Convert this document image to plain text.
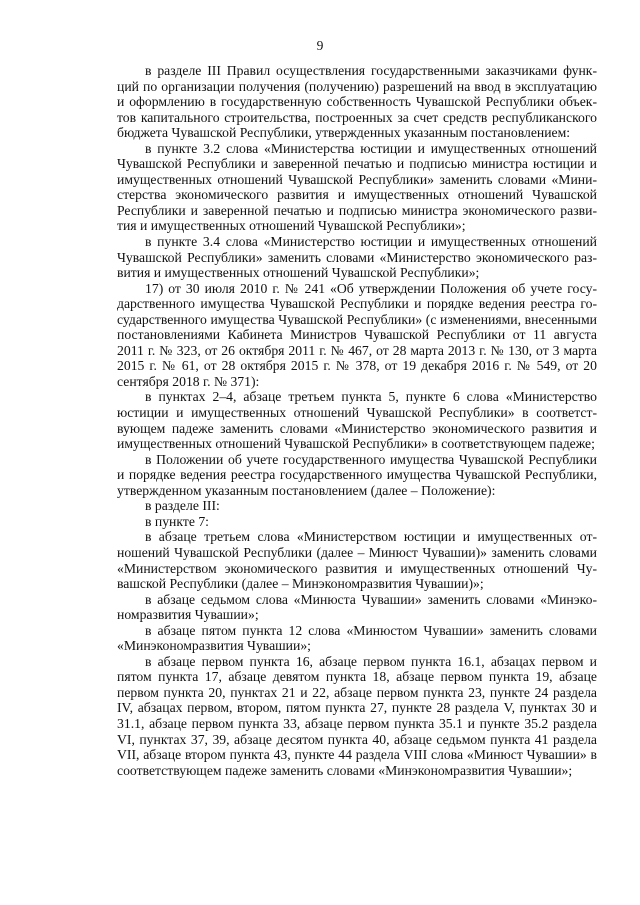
9

в разделе III Правил осуществления государственными заказчиками функций по организации получения (получению) разрешений на ввод в эксплуатацию и оформлению в государственную собственность Чувашской Республики объектов капитального строительства, построенных за счет средств республиканского бюджета Чувашской Республики, утвержденных указанным постановлением:

в пункте 3.2 слова «Министерства юстиции и имущественных отношений Чувашской Республики и заверенной печатью и подписью министра юстиции и имущественных отношений Чувашской Республики» заменить словами «Министерства экономического развития и имущественных отношений Чувашской Республики и заверенной печатью и подписью министра экономического развития и имущественных отношений Чувашской Республики»;

в пункте 3.4 слова «Министерство юстиции и имущественных отношений Чувашской Республики» заменить словами «Министерство экономического развития и имущественных отношений Чувашской Республики»;

17) от 30 июля 2010 г. № 241 «Об утверждении Положения об учете государственного имущества Чувашской Республики и порядке ведения реестра государственного имущества Чувашской Республики» (с изменениями, внесенными постановлениями Кабинета Министров Чувашской Республики от 11 августа 2011 г. № 323, от 26 октября 2011 г. № 467, от 28 марта 2013 г. № 130, от 3 марта 2015 г. № 61, от 28 октября 2015 г. № 378, от 19 декабря 2016 г. № 549, от 20 сентября 2018 г. № 371):

в пунктах 2–4, абзаце третьем пункта 5, пункте 6 слова «Министерство юстиции и имущественных отношений Чувашской Республики» в соответствующем падеже заменить словами «Министерство экономического развития и имущественных отношений Чувашской Республики» в соответствующем падеже;

в Положении об учете государственного имущества Чувашской Республики и порядке ведения реестра государственного имущества Чувашской Республики, утвержденном указанным постановлением (далее – Положение):

в разделе III:

в пункте 7:

в абзаце третьем слова «Министерством юстиции и имущественных отношений Чувашской Республики (далее – Минюст Чувашии)» заменить словами «Министерством экономического развития и имущественных отношений Чувашской Республики (далее – Минэкономразвития Чувашии)»;

в абзаце седьмом слова «Минюста Чувашии» заменить словами «Минэкономразвития Чувашии»;

в абзаце пятом пункта 12 слова «Минюстом Чувашии» заменить словами «Минэкономразвития Чувашии»;

в абзаце первом пункта 16, абзаце первом пункта 16.1, абзацах первом и пятом пункта 17, абзаце девятом пункта 18, абзаце первом пункта 19, абзаце первом пункта 20, пунктах 21 и 22, абзаце первом пункта 23, пункте 24 раздела IV, абзацах первом, втором, пятом пункта 27, пункте 28 раздела V, пунктах 30 и 31.1, абзаце первом пункта 33, абзаце первом пункта 35.1 и пункте 35.2 раздела VI, пунктах 37, 39, абзаце десятом пункта 40, абзаце седьмом пункта 41 раздела VII, абзаце втором пункта 43, пункте 44 раздела VIII слова «Минюст Чувашии» в соответствующем падеже заменить словами «Минэкономразвития Чувашии»;
